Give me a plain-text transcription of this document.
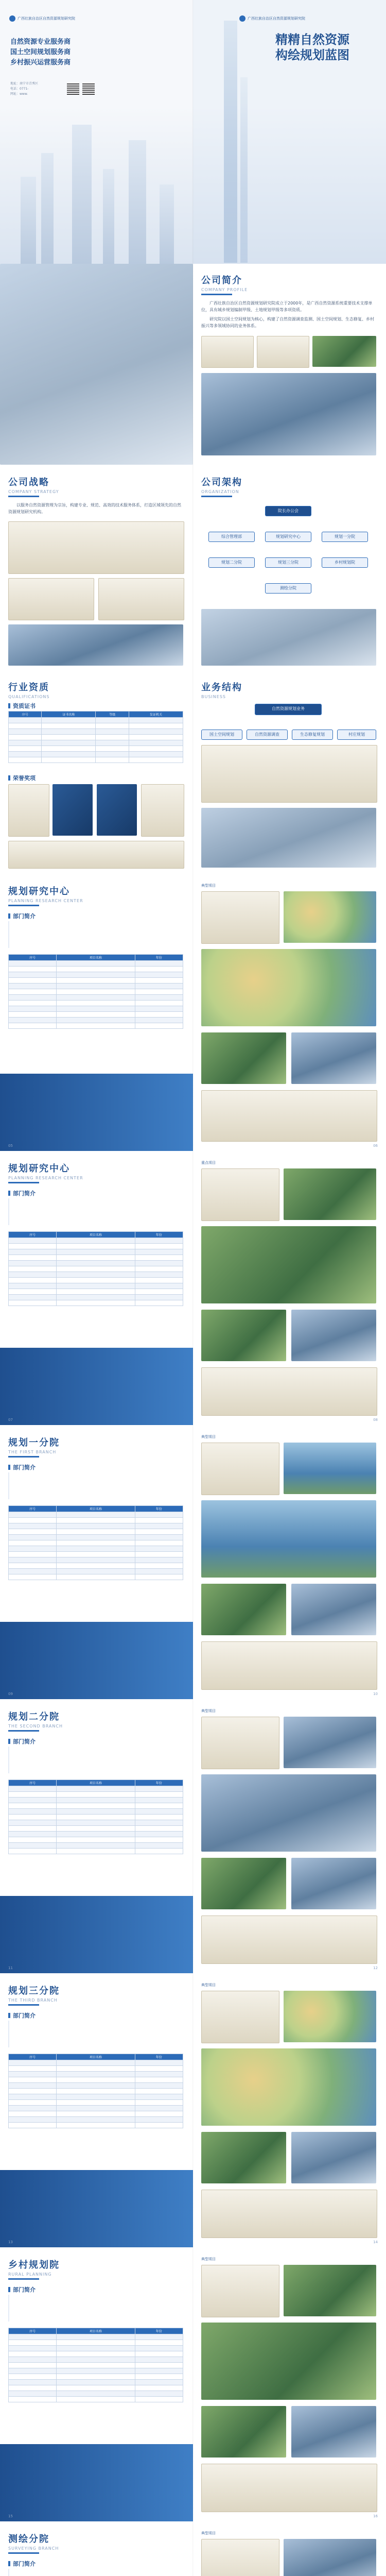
广西壮族自治区自然资源规划研究院
自然资源专业服务商
国土空间规划服务商
乡村振兴运营服务商
地址：南宁市青秀区
电话：0771-
网址：www.
广西壮族自治区自然资源规划研究院
精精自然资源
构绘规划蓝图
公司简介
COMPANY PROFILE

广西壮族自治区自然资源规划研究院成立于2000年，是广西自然资源系统重要技术支撑单位，具有城乡规划编制甲级、土地规划甲级等多项资质。

研究院以国土空间规划为核心，构建了自然资源调查监测、国土空间规划、生态修复、乡村振兴等多领域协同的业务体系。

公司战略
COMPANY STRATEGY

以服务自然资源管理为宗旨，构建专业、规范、高效的技术服务体系，打造区域领先的自然资源规划研究机构。

公司架构
ORGANIZATION
院长办公会
综合管理部	规划研究中心	规划一分院
规划二分院	规划三分院	乡村规划院
测绘分院
行业资质
QUALIFICATIONS
资质证书
序号	证书名称	等级	发证机关

荣誉奖项
业务结构
BUSINESS
自然资源规划业务
国土空间规划	自然资源调查	生态修复规划	村庄规划
规划研究中心
PLANNING RESEARCH CENTER
部门简介
序号	项目名称	年份

05
典型项目
06
规划研究中心
PLANNING RESEARCH CENTER
部门简介
序号	项目名称	年份

07
重点项目
08
规划一分院
THE FIRST BRANCH
部门简介
序号	项目名称	年份

09
典型项目
10
规划二分院
THE SECOND BRANCH
部门简介
序号	项目名称	年份

11
典型项目
12
规划三分院
THE THIRD BRANCH
部门简介
序号	项目名称	年份

13
典型项目
14
乡村规划院
RURAL PLANNING
部门简介
序号	项目名称	年份

15
典型项目
16
测绘分院
SURVEYING BRANCH
部门简介

典型项目
